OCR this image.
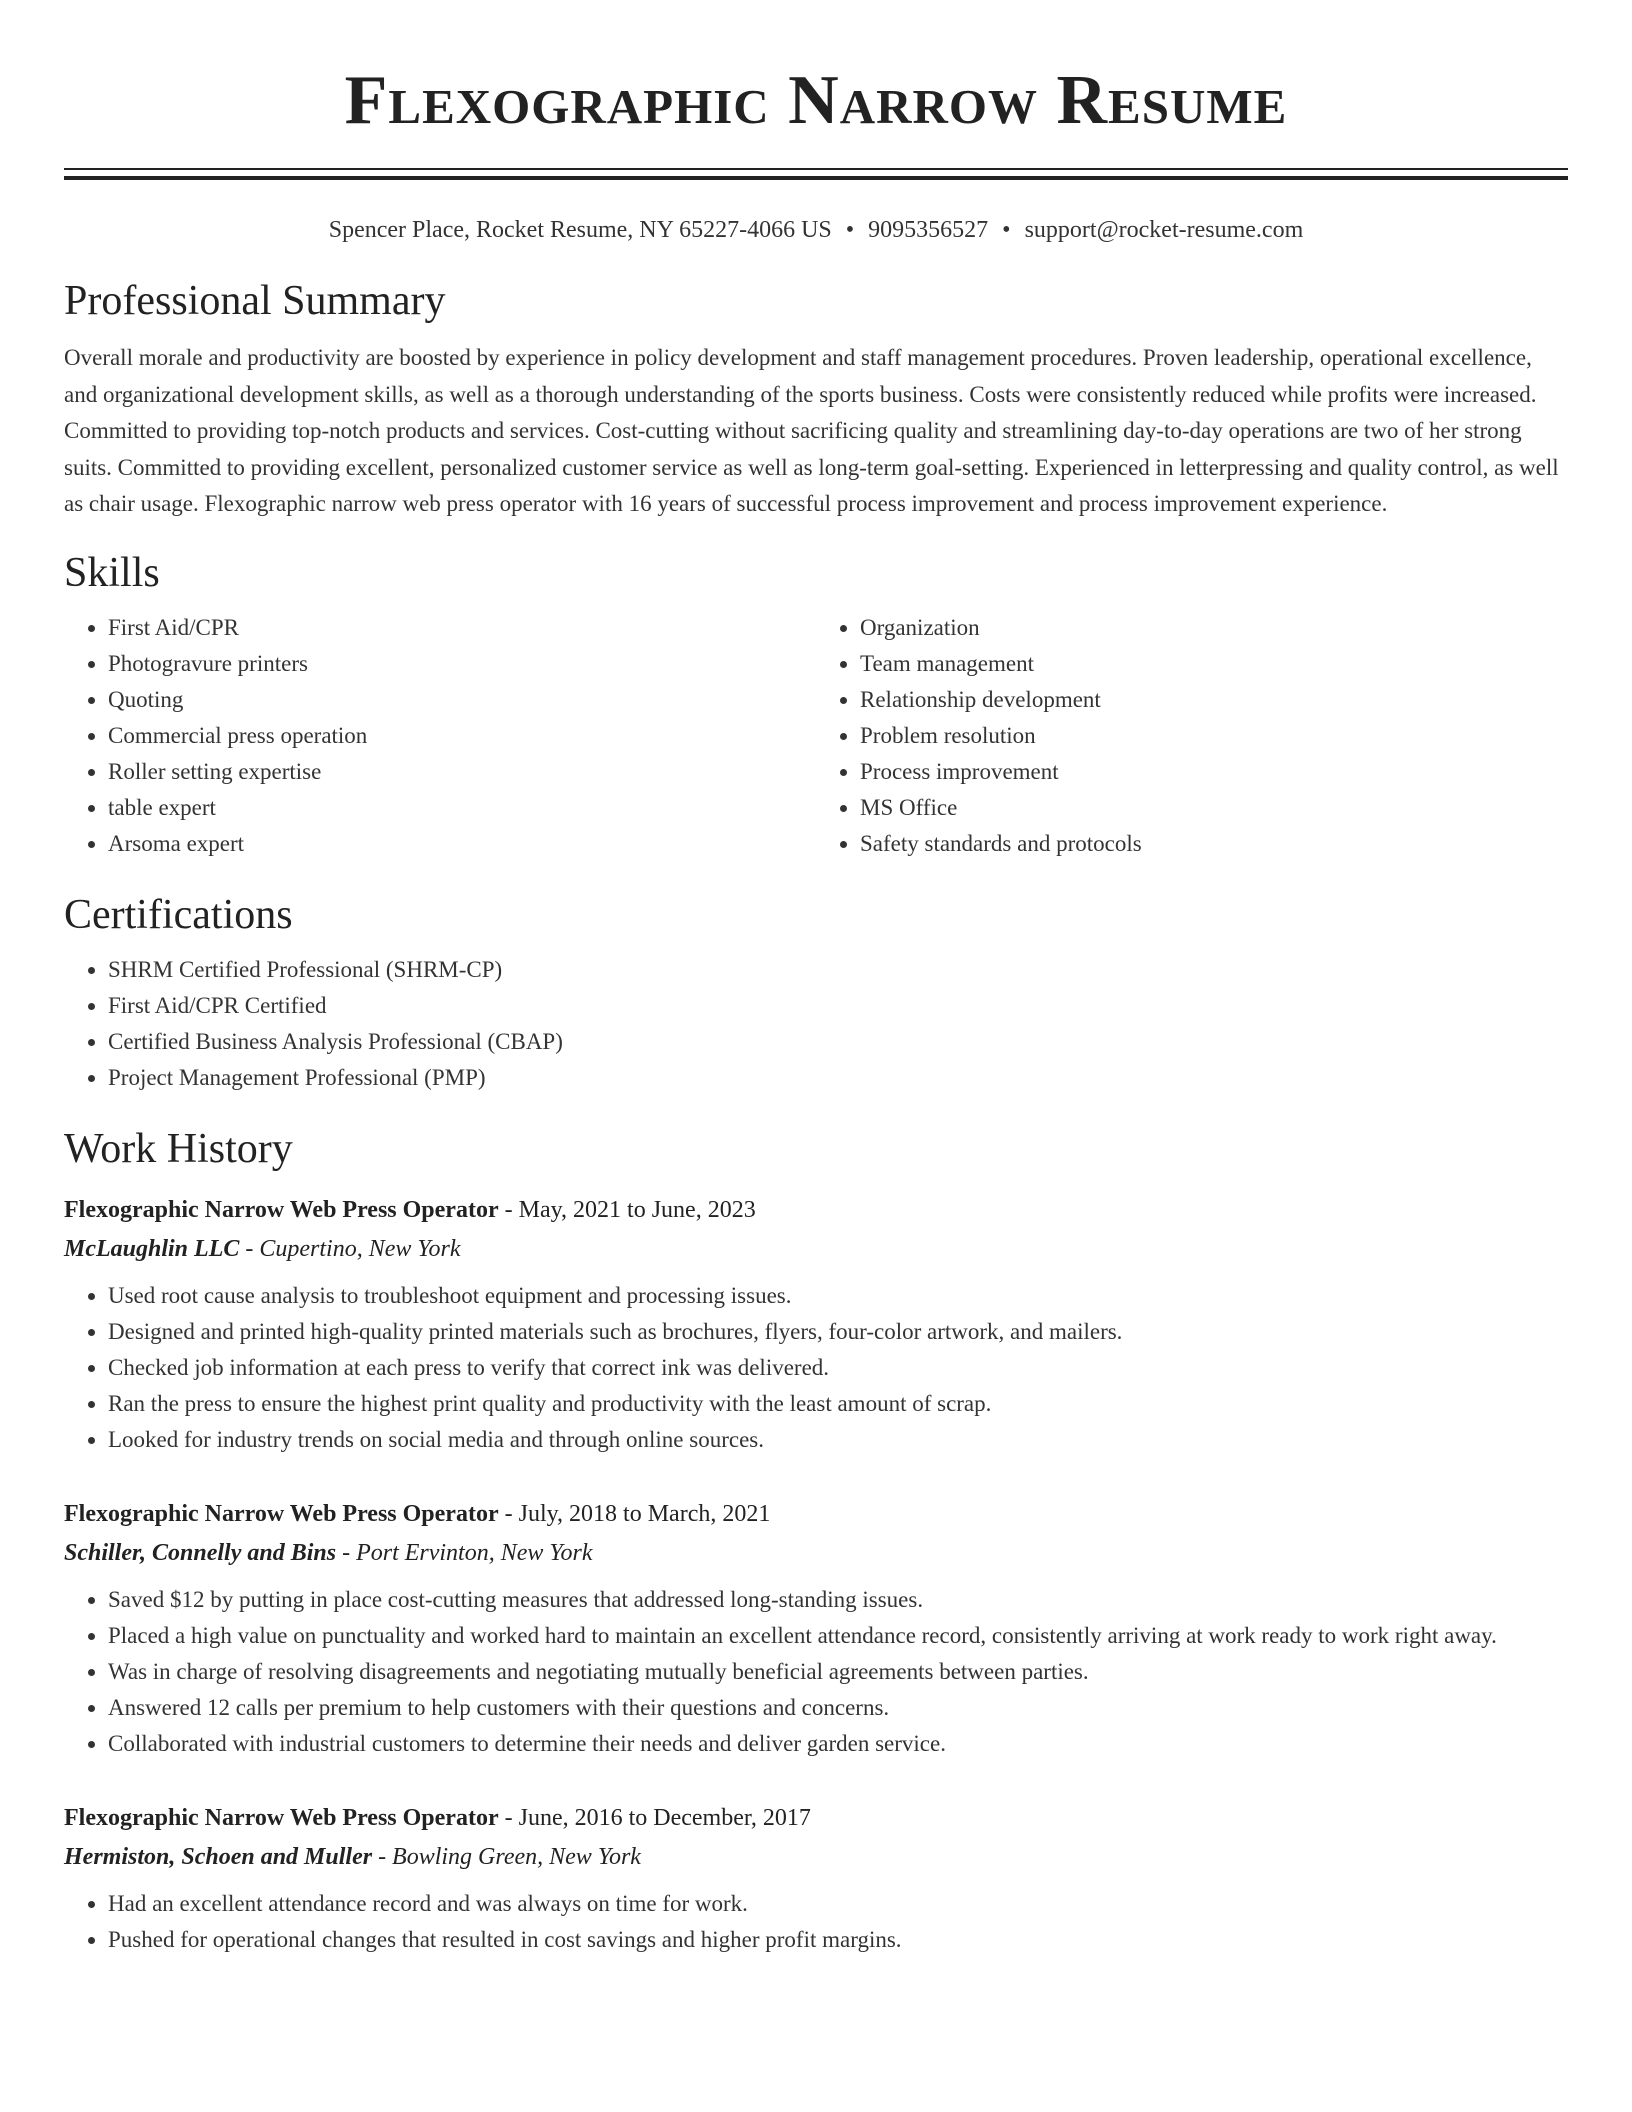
Flexographic Narrow Resume
Spencer Place, Rocket Resume, NY 65227-4066 US • 9095356527 • support@rocket-resume.com
Professional Summary

Overall morale and productivity are boosted by experience in policy development and staff management procedures. Proven leadership, operational excellence, and organizational development skills, as well as a thorough understanding of the sports business. Costs were consistently reduced while profits were increased. Committed to providing top-notch products and services. Cost-cutting without sacrificing quality and streamlining day-to-day operations are two of her strong suits. Committed to providing excellent, personalized customer service as well as long-term goal-setting. Experienced in letterpressing and quality control, as well as chair usage. Flexographic narrow web press operator with 16 years of successful process improvement and process improvement experience.

Skills
• First Aid/CPR
• Photogravure printers
• Quoting
• Commercial press operation
• Roller setting expertise
• table expert
• Arsoma expert
• Organization
• Team management
• Relationship development
• Problem resolution
• Process improvement
• MS Office
• Safety standards and protocols
Certifications
• SHRM Certified Professional (SHRM-CP)
• First Aid/CPR Certified
• Certified Business Analysis Professional (CBAP)
• Project Management Professional (PMP)
Work History
Flexographic Narrow Web Press Operator - May, 2021 to June, 2023
McLaughlin LLC - Cupertino, New York
• Used root cause analysis to troubleshoot equipment and processing issues.
• Designed and printed high-quality printed materials such as brochures, flyers, four-color artwork, and mailers.
• Checked job information at each press to verify that correct ink was delivered.
• Ran the press to ensure the highest print quality and productivity with the least amount of scrap.
• Looked for industry trends on social media and through online sources.
Flexographic Narrow Web Press Operator - July, 2018 to March, 2021
Schiller, Connelly and Bins - Port Ervinton, New York
• Saved $12 by putting in place cost-cutting measures that addressed long-standing issues.
• Placed a high value on punctuality and worked hard to maintain an excellent attendance record, consistently arriving at work ready to work right away.
• Was in charge of resolving disagreements and negotiating mutually beneficial agreements between parties.
• Answered 12 calls per premium to help customers with their questions and concerns.
• Collaborated with industrial customers to determine their needs and deliver garden service.
Flexographic Narrow Web Press Operator - June, 2016 to December, 2017
Hermiston, Schoen and Muller - Bowling Green, New York
• Had an excellent attendance record and was always on time for work.
• Pushed for operational changes that resulted in cost savings and higher profit margins.
